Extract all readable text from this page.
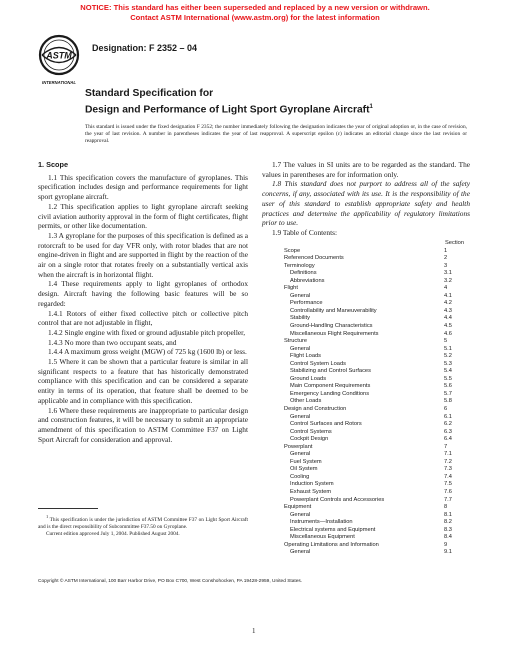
NOTICE: This standard has either been superseded and replaced by a new version or withdrawn.
Contact ASTM International (www.astm.org) for the latest information
ASTM
INTERNATIONAL
Designation: F 2352 – 04
Standard Specification for
Design and Performance of Light Sport Gyroplane Aircraft$^1$
This standard is issued under the fixed designation F 2352; the number immediately following the designation indicates the year of original adoption or, in the case of revision, the year of last revision. A number in parentheses indicates the year of last reapproval. A superscript epsilon (ε) indicates an editorial change since the last revision or reapproval.
1. Scope

1.1 This specification covers the manufacture of gyroplanes. This specification includes design and performance requirements for light sport gyroplane aircraft.

1.2 This specification applies to light gyroplane aircraft seeking civil aviation authority approval in the form of flight certificates, flight permits, or other like documentation.

1.3 A gyroplane for the purposes of this specification is defined as a rotorcraft to be used for day VFR only, with rotor blades that are not engine-driven in flight and are supported in flight by the reaction of the air on a single rotor that rotates freely on a substantially vertical axis when the aircraft is in horizontal flight.

1.4 These requirements apply to light gyroplanes of orthodox design. Aircraft having the following basic features will be so regarded:

1.4.1 Rotors of either fixed collective pitch or collective pitch control that are not adjustable in flight,

1.4.2 Single engine with fixed or ground adjustable pitch propeller,

1.4.3 No more than two occupant seats, and

1.4.4 A maximum gross weight (MGW) of 725 kg (1600 lb) or less.

1.5 Where it can be shown that a particular feature is similar in all significant respects to a feature that has historically demonstrated compliance with this specification and can be considered a separate entity in terms of its operation, that feature shall be deemed to be applicable and in compliance with this specification.

1.6 Where these requirements are inappropriate to particular design and construction features, it will be necessary to submit an appropriate amendment of this specification to ASTM Committee F37 on Light Sport Aircraft for consideration and approval.

1.7 The values in SI units are to be regarded as the standard. The values in parentheses are for information only.

1.8 This standard does not purport to address all of the safety concerns, if any, associated with its use. It is the responsibility of the user of this standard to establish appropriate safety and health practices and determine the applicability of regulatory limitations prior to use.

1.9 Table of Contents:

Section
Scope	1
Referenced Documents	2
Terminology	3
Definitions	3.1
Abbreviations	3.2
Flight	4
General	4.1
Performance	4.2
Controllability and Maneuverability	4.3
Stability	4.4
Ground-Handling Characteristics	4.5
Miscellaneous Flight Requirements	4.6
Structure	5
General	5.1
Flight Loads	5.2
Control System Loads	5.3
Stabilizing and Control Surfaces	5.4
Ground Loads	5.5
Main Component Requirements	5.6
Emergency Landing Conditions	5.7
Other Loads	5.8
Design and Construction	6
General	6.1
Control Surfaces and Rotors	6.2
Control Systems	6.3
Cockpit Design	6.4
Powerplant	7
General	7.1
Fuel System	7.2
Oil System	7.3
Cooling	7.4
Induction System	7.5
Exhaust System	7.6
Powerplant Controls and Accessories	7.7
Equipment	8
General	8.1
Instruments—Installation	8.2
Electrical systems and Equipment	8.3
Miscellaneous Equipment	8.4
Operating Limitations and Information	9
General	9.1

$^1$ This specification is under the jurisdiction of ASTM Committee F37 on Light Sport Aircraft and is the direct responsibility of Subcommittee F37.50 on Gyroplane.

Current edition approved July 1, 2004. Published August 2004.

Copyright © ASTM International, 100 Barr Harbor Drive, PO Box C700, West Conshohocken, PA 19428-2959, United States.
1
